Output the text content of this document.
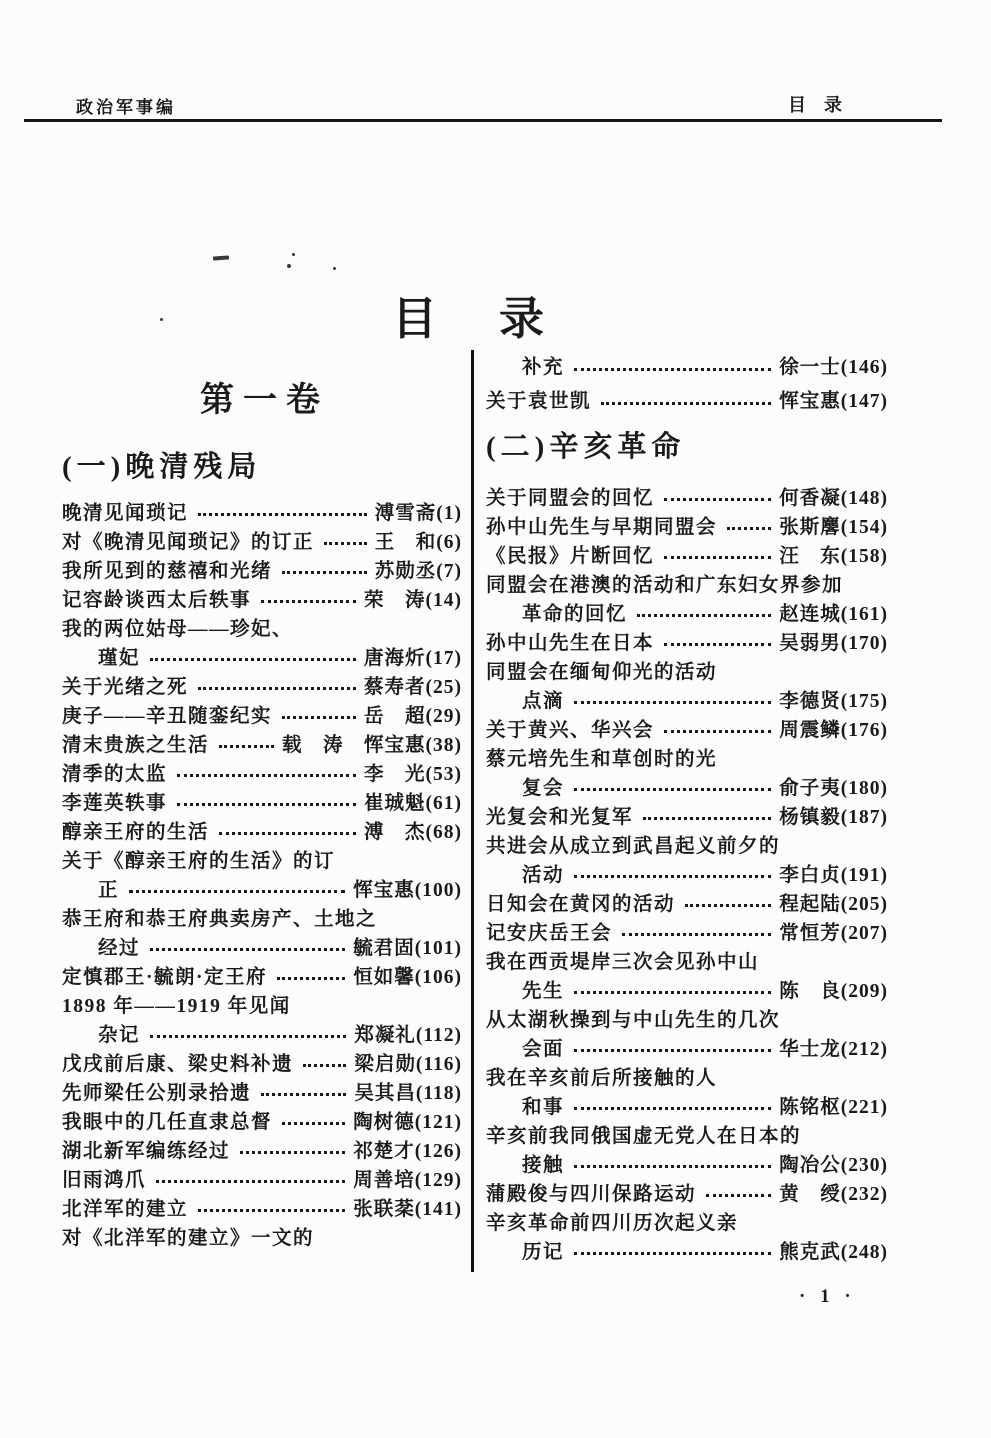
政治军事编	目录
目录
第一卷
(一)晚清残局
晚清见闻琐记	溥雪斋(1)
对《晚清见闻琐记》的订正	王　和(6)
我所见到的慈禧和光绪	苏勋丞(7)
记容龄谈西太后轶事	荣　涛(14)
我的两位姑母——珍妃、
瑾妃	唐海炘(17)
关于光绪之死	蔡寿者(25)
庚子——辛丑随銮纪实	岳　超(29)
清末贵族之生活	载　涛　恽宝惠(38)
清季的太监	李　光(53)
李莲英轶事	崔珹魁(61)
醇亲王府的生活	溥　杰(68)
关于《醇亲王府的生活》的订
正	恽宝惠(100)
恭王府和恭王府典卖房产、土地之
经过	毓君固(101)
定慎郡王·毓朗·定王府	恒如馨(106)
1898 年——1919 年见闻
杂记	郑凝礼(112)
戊戌前后康、梁史料补遗	梁启勋(116)
先师梁任公别录拾遗	吴其昌(118)
我眼中的几任直隶总督	陶树德(121)
湖北新军编练经过	祁楚才(126)
旧雨鸿爪	周善培(129)
北洋军的建立	张联棻(141)
对《北洋军的建立》一文的
补充	徐一士(146)
关于袁世凯	恽宝惠(147)
(二)辛亥革命
关于同盟会的回忆	何香凝(148)
孙中山先生与早期同盟会	张斯麐(154)
《民报》片断回忆	汪　东(158)
同盟会在港澳的活动和广东妇女界参加
革命的回忆	赵连城(161)
孙中山先生在日本	吴弱男(170)
同盟会在缅甸仰光的活动
点滴	李德贤(175)
关于黄兴、华兴会	周震鳞(176)
蔡元培先生和草创时的光
复会	俞子夷(180)
光复会和光复军	杨镇毅(187)
共进会从成立到武昌起义前夕的
活动	李白贞(191)
日知会在黄冈的活动	程起陆(205)
记安庆岳王会	常恒芳(207)
我在西贡堤岸三次会见孙中山
先生	陈　良(209)
从太湖秋操到与中山先生的几次
会面	华士龙(212)
我在辛亥前后所接触的人
和事	陈铭枢(221)
辛亥前我同俄国虚无党人在日本的
接触	陶冶公(230)
蒲殿俊与四川保路运动	黄　绶(232)
辛亥革命前四川历次起义亲
历记	熊克武(248)
· 1 ·
